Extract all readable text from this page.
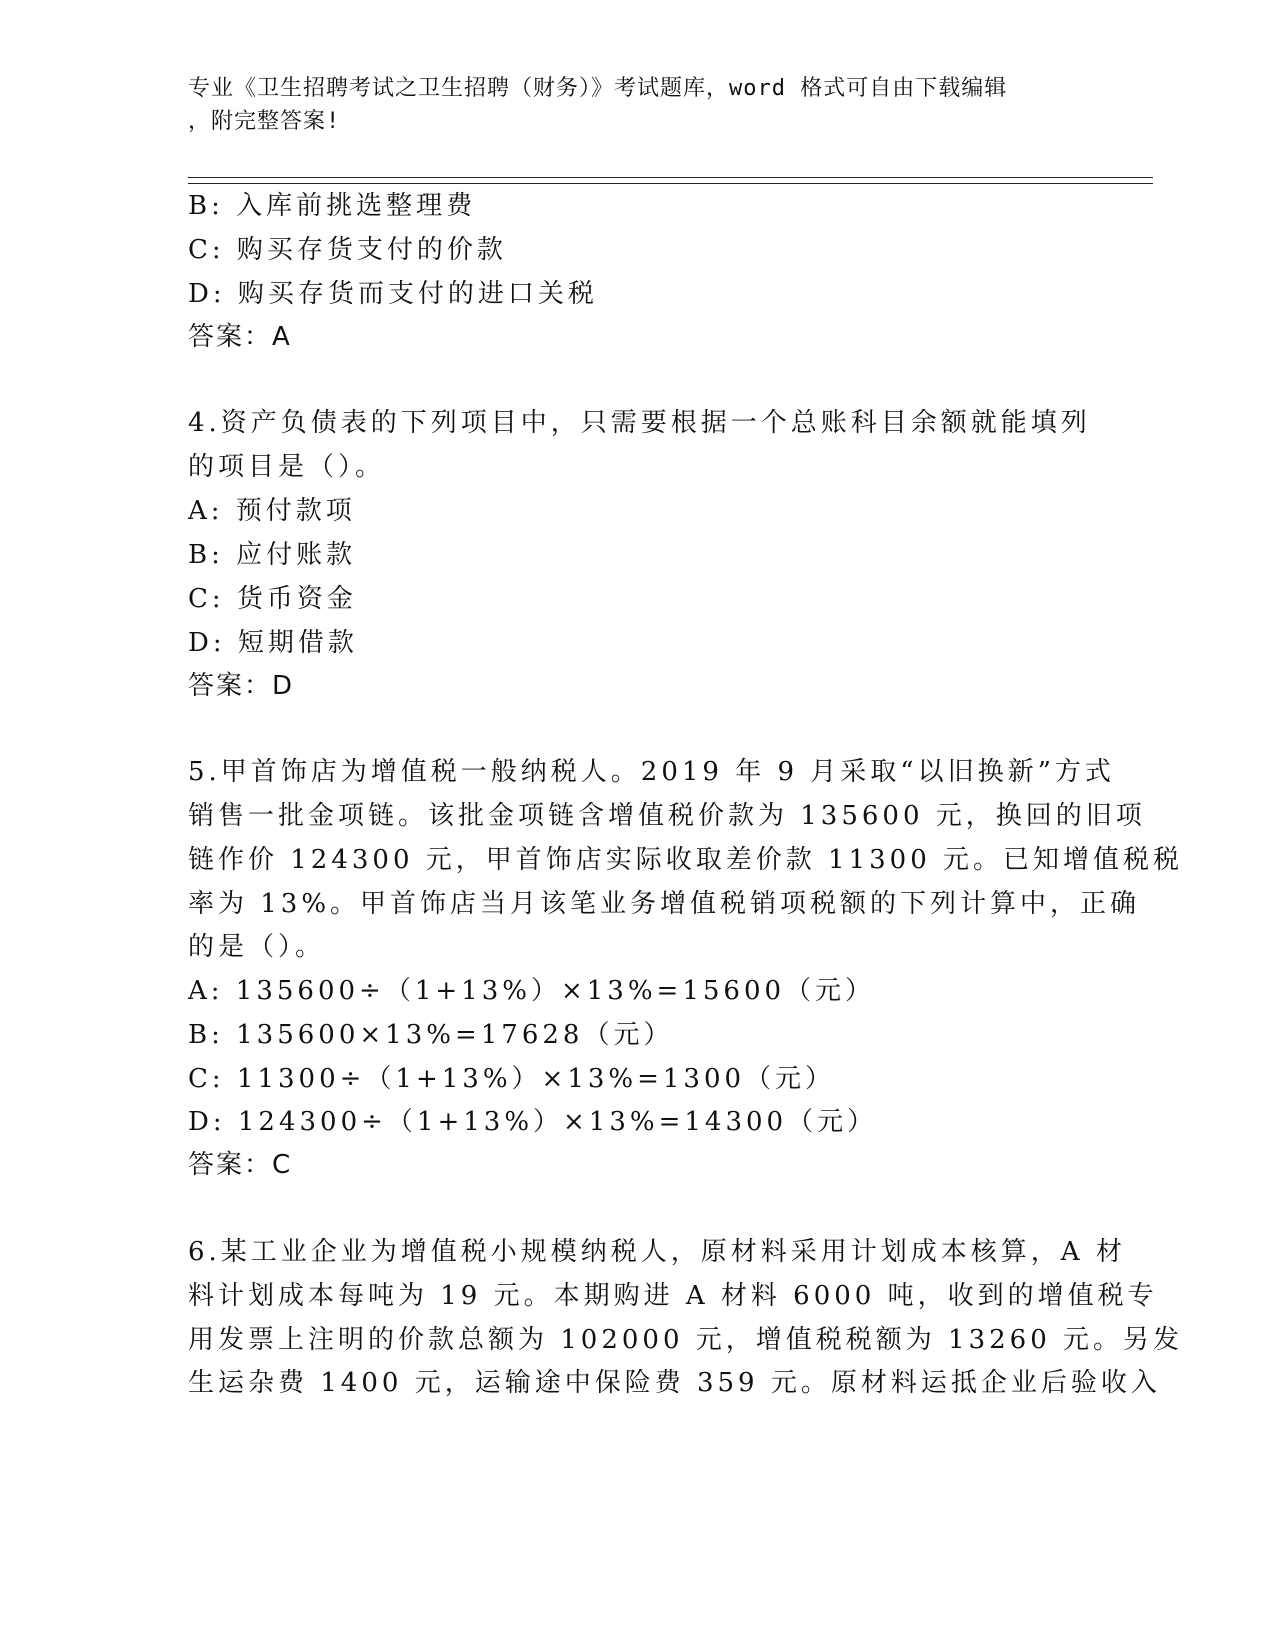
专业《卫生招聘考试之卫生招聘（财务）》考试题库，word 格式可自由下载编辑
，附完整答案!
B: 入库前挑选整理费
C: 购买存货支付的价款
D: 购买存货而支付的进口关税
答案：A
4.资产负债表的下列项目中，只需要根据一个总账科目余额就能填列
的项目是（）。
A: 预付款项
B: 应付账款
C: 货币资金
D: 短期借款
答案：D
5.甲首饰店为增值税一般纳税人。2019 年 9 月采取“以旧换新”方式
销售一批金项链。该批金项链含增值税价款为 135600 元，换回的旧项
链作价 124300 元，甲首饰店实际收取差价款 11300 元。已知增值税税
率为 13%。甲首饰店当月该笔业务增值税销项税额的下列计算中，正确
的是（）。
A: 135600÷（1+13%）×13%=15600（元）
B: 135600×13%=17628（元）
C: 11300÷（1+13%）×13%=1300（元）
D: 124300÷（1+13%）×13%=14300（元）
答案：C
6.某工业企业为增值税小规模纳税人，原材料采用计划成本核算，A 材
料计划成本每吨为 19 元。本期购进 A 材料 6000 吨，收到的增值税专
用发票上注明的价款总额为 102000 元，增值税税额为 13260 元。另发
生运杂费 1400 元，运输途中保险费 359 元。原材料运抵企业后验收入
